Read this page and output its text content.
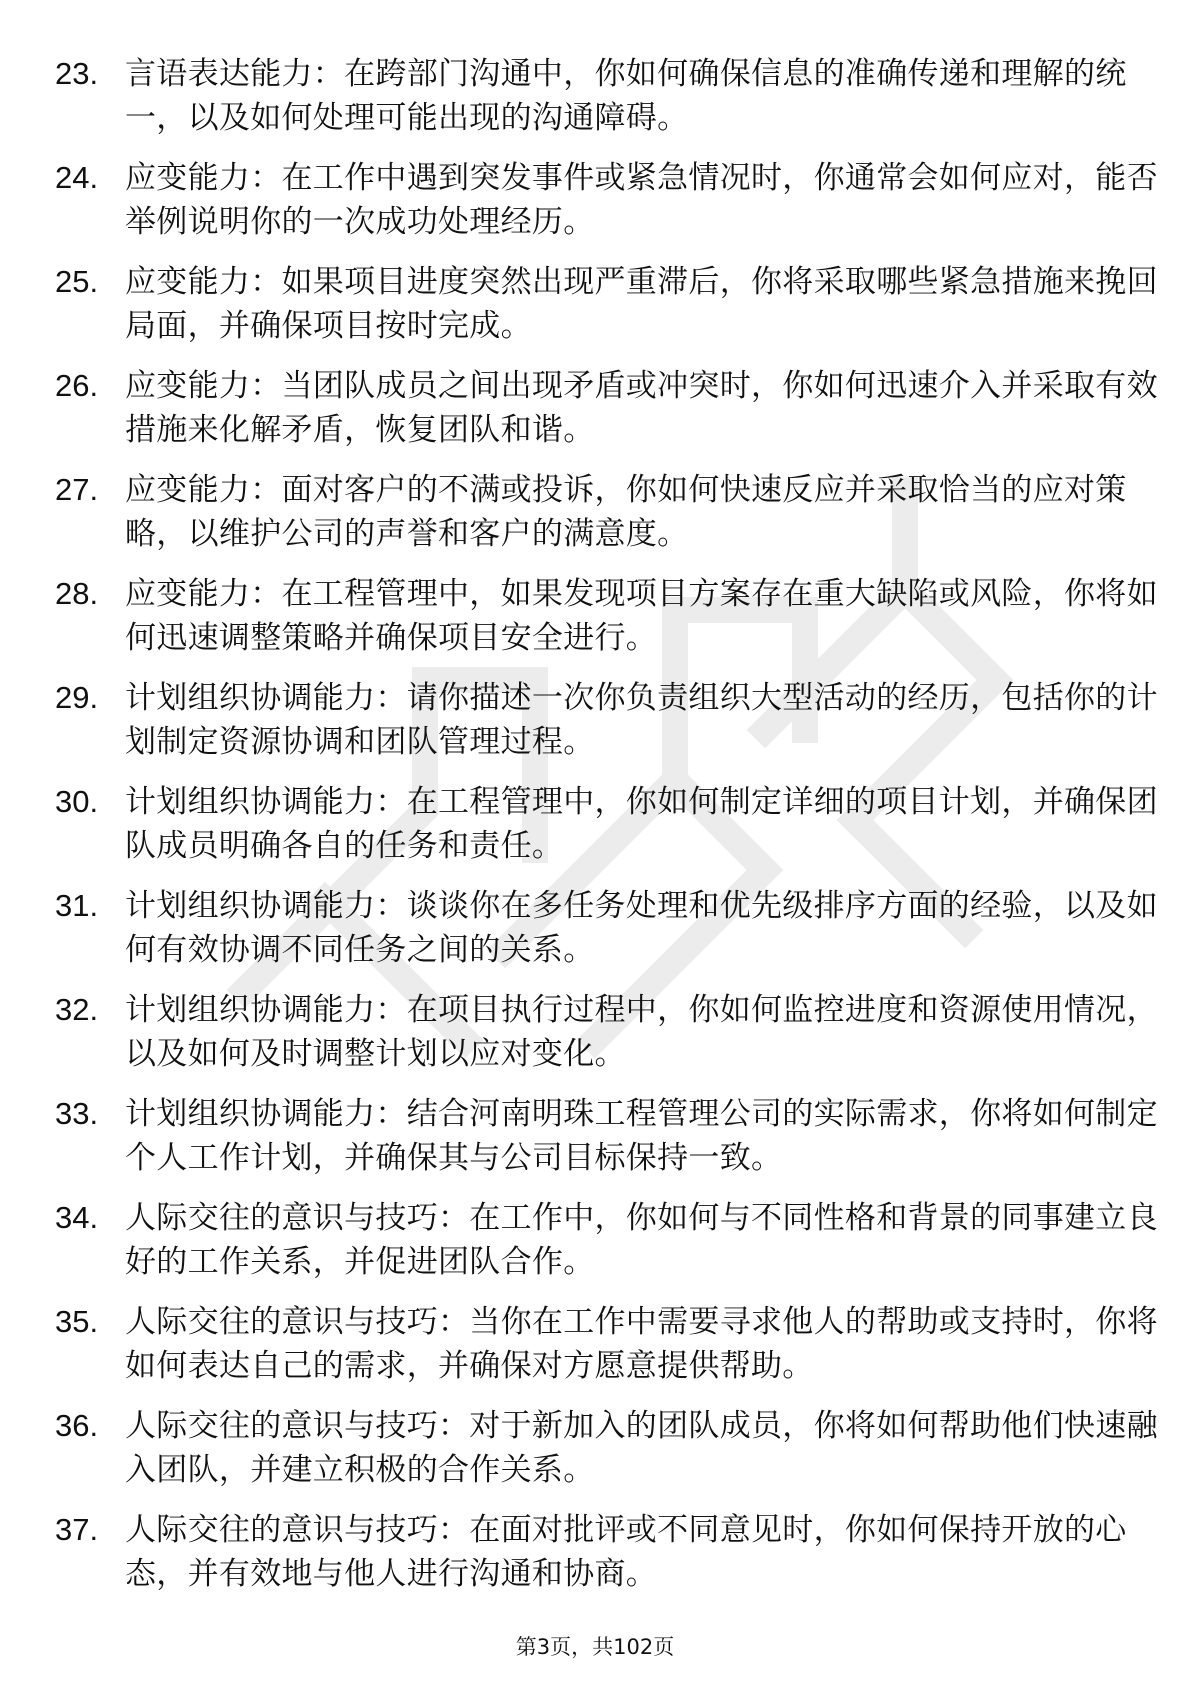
23. 言语表达能力：在跨部门沟通中，你如何确保信息的准确传递和理解的统一，以及如何处理可能出现的沟通障碍。
24. 应变能力：在工作中遇到突发事件或紧急情况时，你通常会如何应对，能否举例说明你的一次成功处理经历。
25. 应变能力：如果项目进度突然出现严重滞后，你将采取哪些紧急措施来挽回局面，并确保项目按时完成。
26. 应变能力：当团队成员之间出现矛盾或冲突时，你如何迅速介入并采取有效措施来化解矛盾，恢复团队和谐。
27. 应变能力：面对客户的不满或投诉，你如何快速反应并采取恰当的应对策略，以维护公司的声誉和客户的满意度。
28. 应变能力：在工程管理中，如果发现项目方案存在重大缺陷或风险，你将如何迅速调整策略并确保项目安全进行。
29. 计划组织协调能力：请你描述一次你负责组织大型活动的经历，包括你的计划制定资源协调和团队管理过程。
30. 计划组织协调能力：在工程管理中，你如何制定详细的项目计划，并确保团队成员明确各自的任务和责任。
31. 计划组织协调能力：谈谈你在多任务处理和优先级排序方面的经验，以及如何有效协调不同任务之间的关系。
32. 计划组织协调能力：在项目执行过程中，你如何监控进度和资源使用情况，以及如何及时调整计划以应对变化。
33. 计划组织协调能力：结合河南明珠工程管理公司的实际需求，你将如何制定个人工作计划，并确保其与公司目标保持一致。
34. 人际交往的意识与技巧：在工作中，你如何与不同性格和背景的同事建立良好的工作关系，并促进团队合作。
35. 人际交往的意识与技巧：当你在工作中需要寻求他人的帮助或支持时，你将如何表达自己的需求，并确保对方愿意提供帮助。
36. 人际交往的意识与技巧：对于新加入的团队成员，你将如何帮助他们快速融入团队，并建立积极的合作关系。
37. 人际交往的意识与技巧：在面对批评或不同意见时，你如何保持开放的心态，并有效地与他人进行沟通和协商。
第3页，共102页
